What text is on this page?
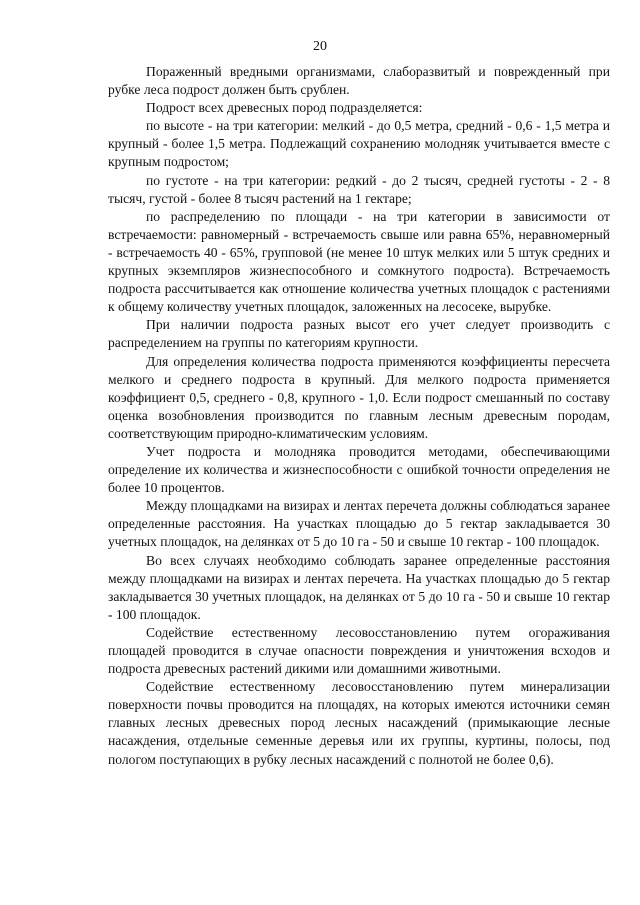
20

Пораженный вредными организмами, слаборазвитый и поврежденный при рубке леса подрост должен быть срублен.

Подрост всех древесных пород подразделяется:

по высоте - на три категории: мелкий - до 0,5 метра, средний - 0,6 - 1,5 метра и крупный - более 1,5 метра. Подлежащий сохранению молодняк учитывается вместе с крупным подростом;

по густоте - на три категории: редкий - до 2 тысяч, средней густоты - 2 - 8 тысяч, густой - более 8 тысяч растений на 1 гектаре;

по распределению по площади - на три категории в зависимости от встречаемости: равномерный - встречаемость свыше или равна 65%, неравномерный - встречаемость 40 - 65%, групповой (не менее 10 штук мелких или 5 штук средних и крупных экземпляров жизнеспособного и сомкнутого подроста). Встречаемость подроста рассчитывается как отношение количества учетных площадок с растениями к общему количеству учетных площадок, заложенных на лесосеке, вырубке.

При наличии подроста разных высот его учет следует производить с распределением на группы по категориям крупности.

Для определения количества подроста применяются коэффициенты пересчета мелкого и среднего подроста в крупный. Для мелкого подроста применяется коэффициент 0,5, среднего - 0,8, крупного - 1,0. Если подрост смешанный по составу оценка возобновления производится по главным лесным древесным породам, соответствующим природно-климатическим условиям.

Учет подроста и молодняка проводится методами, обеспечивающими определение их количества и жизнеспособности с ошибкой точности определения не более 10 процентов.

Между площадками на визирах и лентах перечета должны соблюдаться заранее определенные расстояния. На участках площадью до 5 гектар закладывается 30 учетных площадок, на делянках от 5 до 10 га - 50 и свыше 10 гектар - 100 площадок.

Во всех случаях необходимо соблюдать заранее определенные расстояния между площадками на визирах и лентах перечета. На участках площадью до 5 гектар закладывается 30 учетных площадок, на делянках от 5 до 10 га - 50 и свыше 10 гектар - 100 площадок.

Содействие естественному лесовосстановлению путем огораживания площадей проводится в случае опасности повреждения и уничтожения всходов и подроста древесных растений дикими или домашними животными.

Содействие естественному лесовосстановлению путем минерализации поверхности почвы проводится на площадях, на которых имеются источники семян главных лесных древесных пород лесных насаждений (примыкающие лесные насаждения, отдельные семенные деревья или их группы, куртины, полосы, под пологом поступающих в рубку лесных насаждений с полнотой не более 0,6).
